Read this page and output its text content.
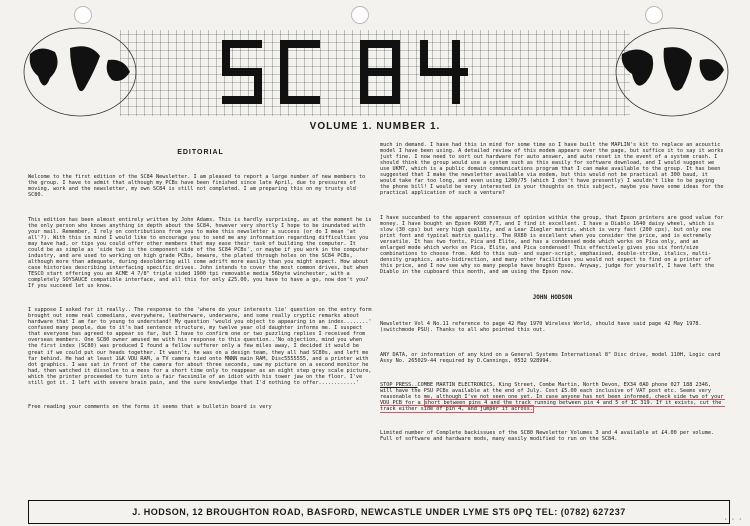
VOLUME 1. NUMBER 1.

EDITORIAL

Welcome to the first edition of the SC84 Newsletter. I am pleased to report a large number of new members to the group. I have to admit that although my PCBs have been finished since late April, due to pressures of moving, work and the newsletter, my own SC84 is still not completed. I am preparing this on my trusty old SC80.

This edition has been almost entirely written by John Adams. This is hardly surprising, as at the moment he is the only person who knows anything in depth about the SC84, however very shortly I hope to be inundated with your mail. Remember, I rely on contributions from you to make this newsletter a success (or do I mean 'at all'?). With this in mind I would like to encourage you to send me any information regarding difficulties you may have had, or tips you could offer other members that may ease their task of building the computer. It could be as simple as 'side two is the component side of the SC84 PCBs', or maybe if you work in the computer industry, and are used to working on high grade PCBs, beware, the plated through holes on the SC84 PCBs, although more than adequate, during desoldering will come adrift more easily than you might expect. How about case histories describing interfacing specific drives. John intends to cover the most common drives, but when TESCO start offering you an ACME 4 7/8" triple sided 1900 tpi removable media 56byte winchester, with a completely SOYSAUCE compatible interface, and all this for only £25.00, you have to have a go, now don't you? If you succeed let us know.

I suppose I asked for it really.. The response to the 'where do your interests lie' question on the entry form brought out some real comedians, everywhere, leatherware, underware, and some really cryptic remarks about hardware that I am far to young to understand! My question 'would you object to appearing in an index........' confused many people, due to it's bad sentence structure, my twelve year old daughter informs me. I suspect that everyone has agreed to appear so far, but I have to confirm one or two puzzling replies I received from overseas members. One SC80 owner amused me with his response to this question..'No objection, mind you when the first index (SC80) was produced I found a fellow sufferer only a few miles away, I decided it would be great if we could put our heads together. It wasn't, he was on a design team, they all had SC80s, and left me far behind. He had at least 1&K VDU RAM, a TV camera tied onto MNNN main RAM, Disc5555555, and a printer with dot graphics. I was sat in front of the camera for about three seconds, saw my picture on a second monitor he had, then watched it dissolve to a mess for a short time only to reappear as an eight step grey scale picture, which the printer proceeded to turn into a fair facsimile of an idiot with his tower jaw on the floor. I've still got it. I left with severe brain pain, and the sure knowledge that I'd nothing to offer............'

Free reading your comments on the forms it seems that a bulletin board is very

much in demand. I have had this in mind for some time so I have built the MAPLIN's kit to replace an acoustic model I have been using. A detailed review of this modem appears over the page, but suffice it to say it works just fine. I now need to sort out hardware for auto answer, and auto reset in the event of a system crash. I should think the group would use a system such as this easily for software download, and I would suggest we use UKM7, which is a public domain communications program that I can make available to the group. It has been suggested that I make the newsletter available via modem, but this would not be practical at 300 baud, it would take far too long, and even using 1200/75 (which I don't have presently) I wouldn't like to be paying the phone bill! I would be very interested in your thoughts on this subject, maybe you have some ideas for the practical application of such a venture?

I have succumbed to the apparent consensus of opinion within the group, that Epson printers are good value for money. I have bought an Epson RX80 F/T, and I find it excellent. I have a Diablo 1640 daisy wheel, which is slow (30 cps) but very high quality, and a Lear Ziegler matrix, which is very fast (200 cps), but only one print font and typical matrix quality. The RX80 is excellent when you consider the price, and is extremely versatile. It has two fonts, Pica and Elite, and has a condensed mode which works on Pica only, and an enlarged mode which works on Pica, Elite, and Pica condensed! This effectively gives you six font/size combinations to choose from. Add to this sub- and super-script, emphasised, double-strike, italics, multi-density graphics, auto-bidirection, and many other facilities you would not expect to find on a printer of this price, and I now see why so many people have bought Epson. Anyway, judge for yourself, I have left the Diablo in the cupboard this month, and am using the Epson now.

JOHN HODSON

Newsletter Vol 4 No.11 reference to page 42 May 1970 Wireless World, should have said page 42 May 1978. (switchmode PSU). Thanks to all who pointed this out.

ANY DATA, or information of any kind on a General Systems International 8" Disc drive, model 110H, Logic card Assy No. 265029-44 required by D.Cannings, 0532 928994.

STOP PRESS..COMBE MARTIN ELECTRONICS, King Street, Combe Martin, North Devon, EX34 0AD phone 027 188 2346, will have the PSU PCBs available at the end of July. Cost £5.00 each inclusive of VAT post etc. Seems very reasonable to me, although I've not seen one yet. In case anyone has not been informed, check side two of your VDU PCB for a short between pins 4 and the track running between pin 4 and 5 of IC 319. If it exists, cut the track either side of pin 4, and jumper it across.

Limited number of Complete backissues of the SC80 Newsletter Volumes 3 and 4 available at £4.00 per volume. Full of software and hardware mods, many easily modified to run on the SC84.

J. HODSON, 12 BROUGHTON ROAD, BASFORD, NEWCASTLE UNDER LYME ST5 0PQ TEL: (0782) 627237
· · ·
